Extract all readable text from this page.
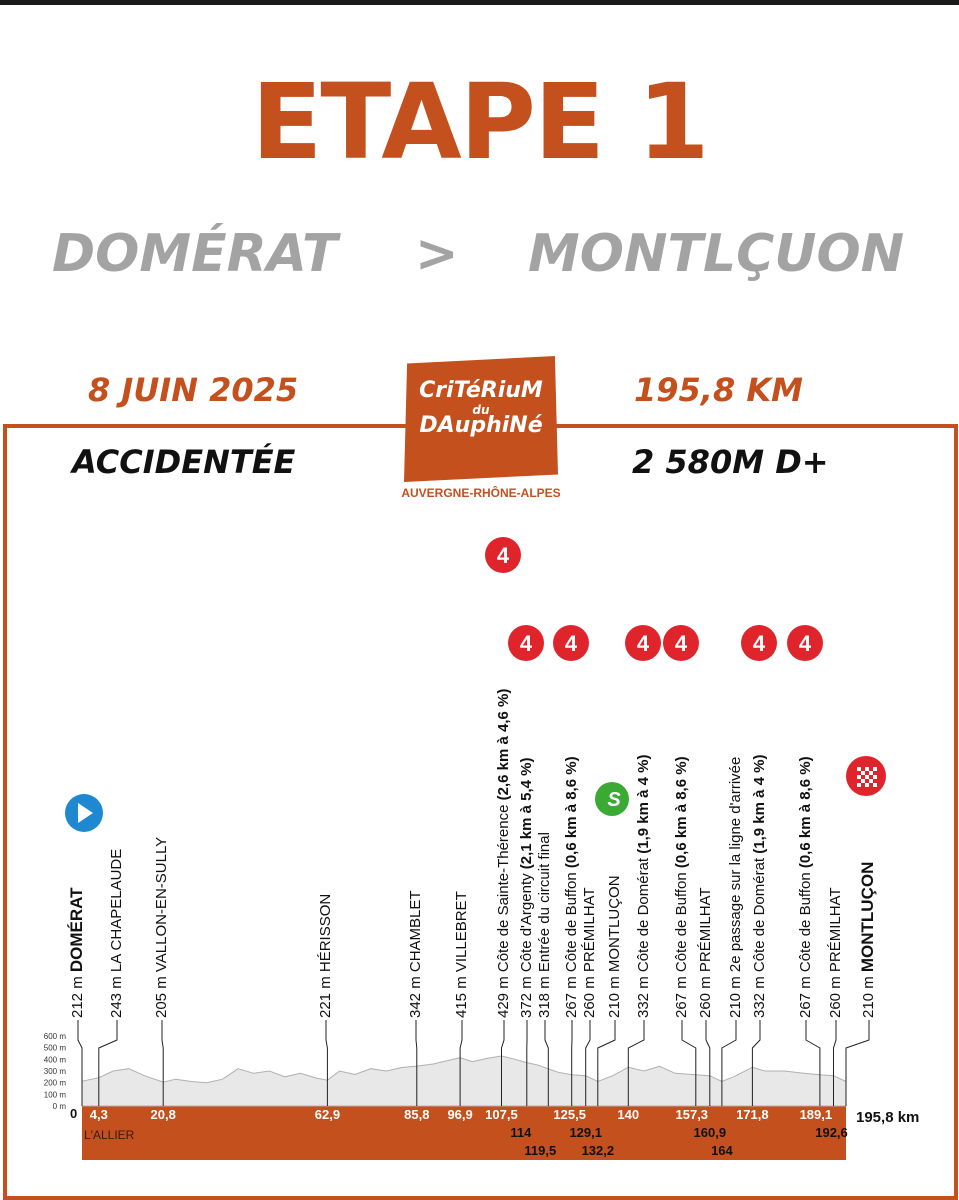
ETAPE 1
DOMÉRAT > MONTLÇUON
8 JUIN 2025	195,8 KM
ACCIDENTÉE	2 580M D+
CriTéRiuM
du
DAuphiNé
AUVERGNE-RHÔNE-ALPES
600 m
500 m
400 m
300 m
200 m
100 m
0 m 0	195,8 km
L'ALLIER
212 m DOMÉRAT
243 m LA CHAPELAUDE
4,3
205 m VALLON-EN-SULLY
20,8
221 m HÉRISSON
62,9
342 m CHAMBLET
85,8
415 m VILLEBRET
96,9
429 m Côte de Sainte-Thérence (2,6 km à 4,6 %)
107,5
4
372 m Côte d'Argenty (2,1 km à 5,4 %)
114
4
318 m Entrée du circuit final
119,5
267 m Côte de Buffon (0,6 km à 8,6 %)
125,5
4
260 m PRÉMILHAT
129,1
210 m MONTLUÇON
132,2
S
332 m Côte de Domérat (1,9 km à 4 %)
140
4
267 m Côte de Buffon (0,6 km à 8,6 %)
157,3
4
260 m PRÉMILHAT
160,9
210 m 2e passage sur la ligne d'arrivée
164
332 m Côte de Domérat (1,9 km à 4 %)
171,8
4
267 m Côte de Buffon (0,6 km à 8,6 %)
189,1
4
260 m PRÉMILHAT
192,6
210 m MONTLUÇON
